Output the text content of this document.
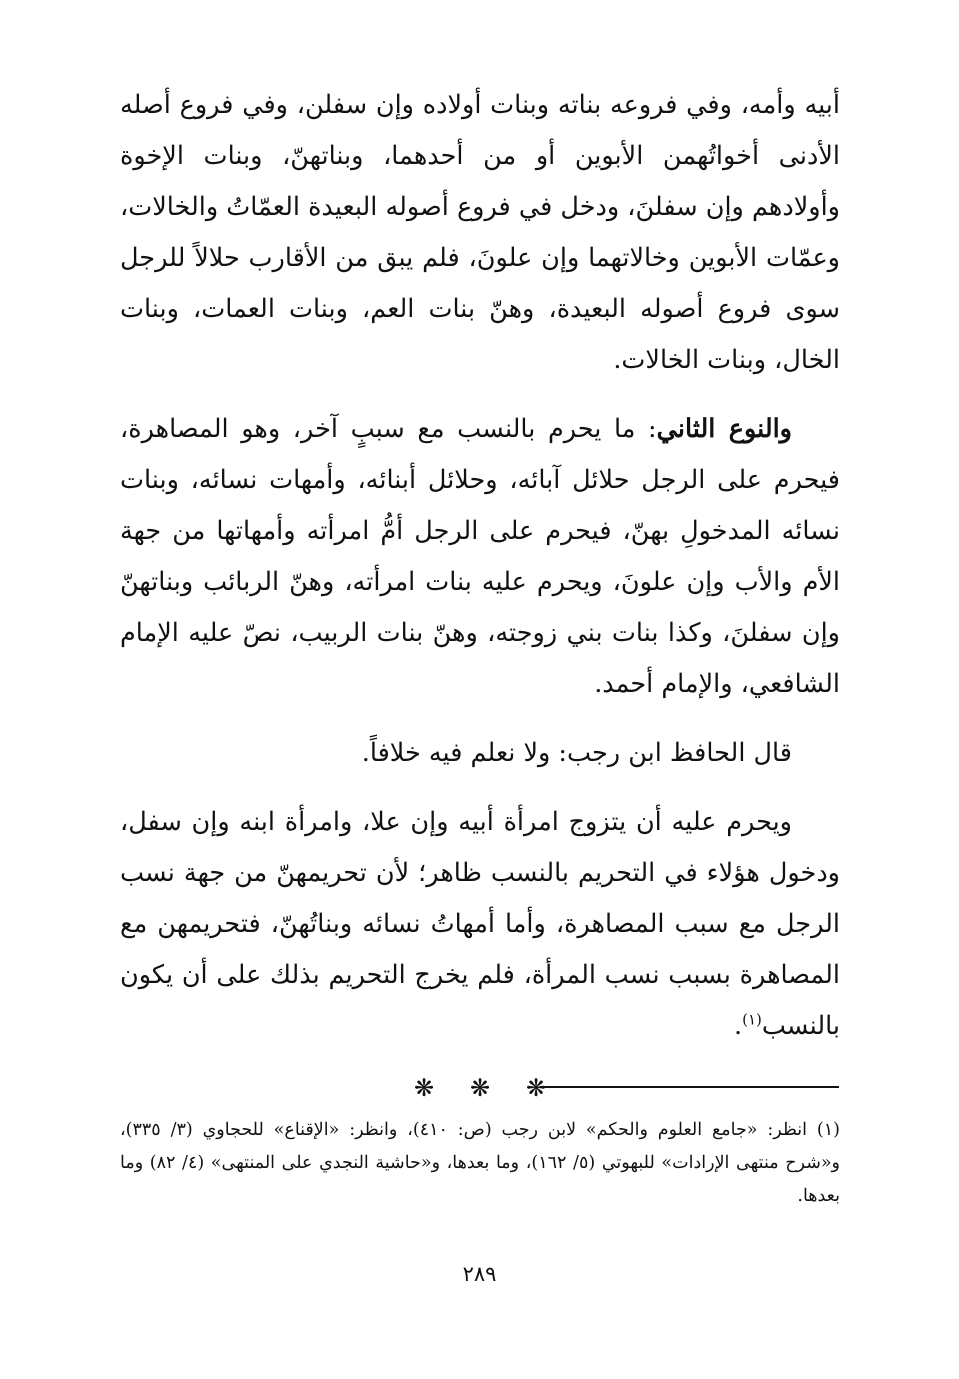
أبيه وأمه، وفي فروعه بناته وبنات أولاده وإن سفلن، وفي فروع أصله الأدنى أخواتُهمن الأبوين أو من أحدهما، وبناتهنّ، وبنات الإخوة وأولادهم وإن سفلنَ، ودخل في فروع أصوله البعيدة العمّاتُ والخالات، وعمّات الأبوين وخالاتهما وإن علونَ، فلم يبق من الأقارب حلالاً للرجل سوى فروع أصوله البعيدة، وهنّ بنات العم، وبنات العمات، وبنات الخال، وبنات الخالات.

والنوع الثاني: ما يحرم بالنسب مع سببٍ آخر، وهو المصاهرة، فيحرم على الرجل حلائل آبائه، وحلائل أبنائه، وأمهات نسائه، وبنات نسائه المدخولِ بهنّ، فيحرم على الرجل أمُّ امرأته وأمهاتها من جهة الأم والأب وإن علونَ، ويحرم عليه بنات امرأته، وهنّ الربائب وبناتهنّ وإن سفلنَ، وكذا بنات بني زوجته، وهنّ بنات الربيب، نصّ عليه الإمام الشافعي، والإمام أحمد.

قال الحافظ ابن رجب: ولا نعلم فيه خلافاً.

ويحرم عليه أن يتزوج امرأة أبيه وإن علا، وامرأة ابنه وإن سفل، ودخول هؤلاء في التحريم بالنسب ظاهر؛ لأن تحريمهنّ من جهة نسب الرجل مع سبب المصاهرة، وأما أمهاتُ نسائه وبناتُهنّ، فتحريمهن مع المصاهرة بسبب نسب المرأة، فلم يخرج التحريم بذلك على أن يكون بالنسب$^{(١)}$.

❋❋❋

(١) انظر: «جامع العلوم والحكم» لابن رجب (ص: ٤١٠)، وانظر: «الإقناع» للحجاوي (٣/ ٣٣٥)، و«شرح منتهى الإرادات» للبهوتي (٥/ ١٦٢)، وما بعدها، و«حاشية النجدي على المنتهى» (٤/ ٨٢) وما بعدها.

٢٨٩
